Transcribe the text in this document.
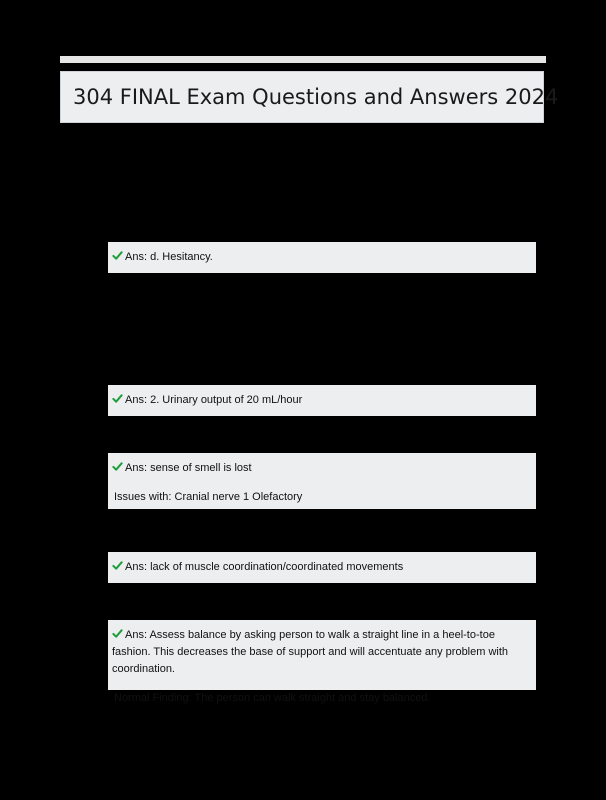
304 FINAL Exam Questions and Answers 2024
Ans: d. Hesitancy.
Ans: 2. Urinary output of 20 mL/hour
Ans: sense of smell is lost
Issues with: Cranial nerve 1 Olefactory
Ans: lack of muscle coordination/coordinated movements
Ans: Assess balance by asking person to walk a straight line in a heel-to-toe fashion. This decreases the base of support and will accentuate any problem with coordination.
Normal Finding: The person can walk straight and stay balanced.
